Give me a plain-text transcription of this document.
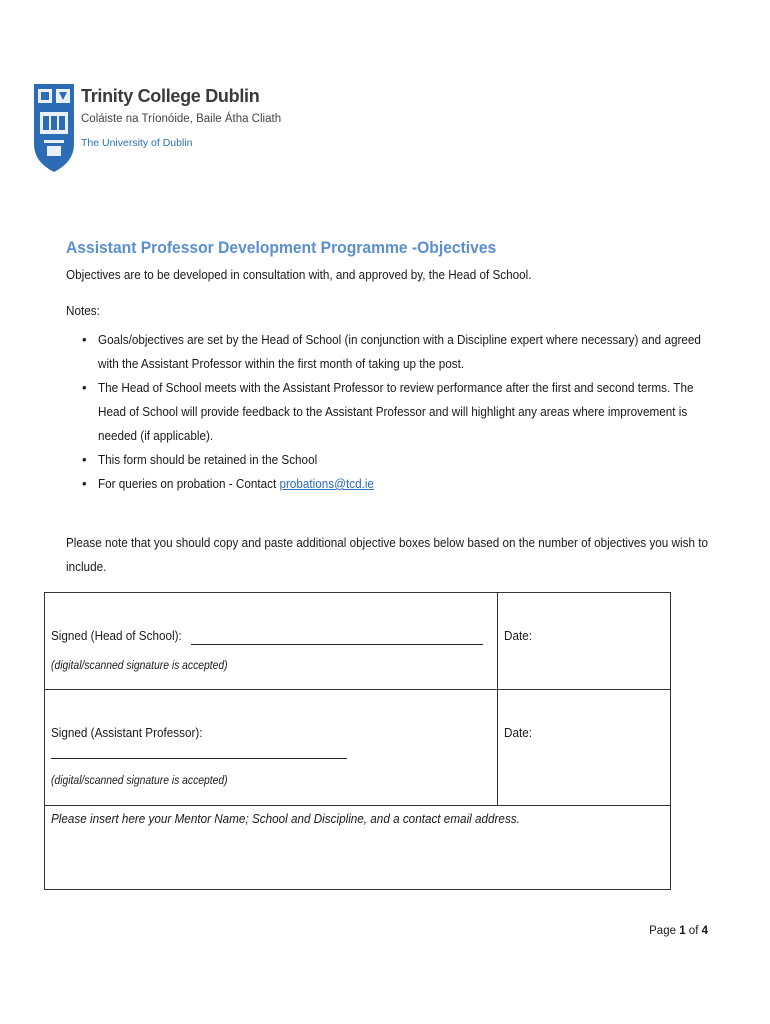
Trinity College Dublin
Coláiste na Tríonóide, Baile Átha Cliath
The University of Dublin
Assistant Professor Development Programme -Objectives
Objectives are to be developed in consultation with, and approved by, the Head of School.
Notes:
• Goals/objectives are set by the Head of School (in conjunction with a Discipline expert where necessary) and agreed
with the Assistant Professor within the first month of taking up the post.
• The Head of School meets with the Assistant Professor to review performance after the first and second terms. The
Head of School will provide feedback to the Assistant Professor and will highlight any areas where improvement is
needed (if applicable).
• This form should be retained in the School
• For queries on probation - Contact probations@tcd.ie
Please note that you should copy and paste additional objective boxes below based on the number of objectives you wish to
include.
Signed (Head of School):
(digital/scanned signature is accepted)
Date:
Signed (Assistant Professor):
(digital/scanned signature is accepted)
Date:
Please insert here your Mentor Name; School and Discipline, and a contact email address.
Page 1 of 4
